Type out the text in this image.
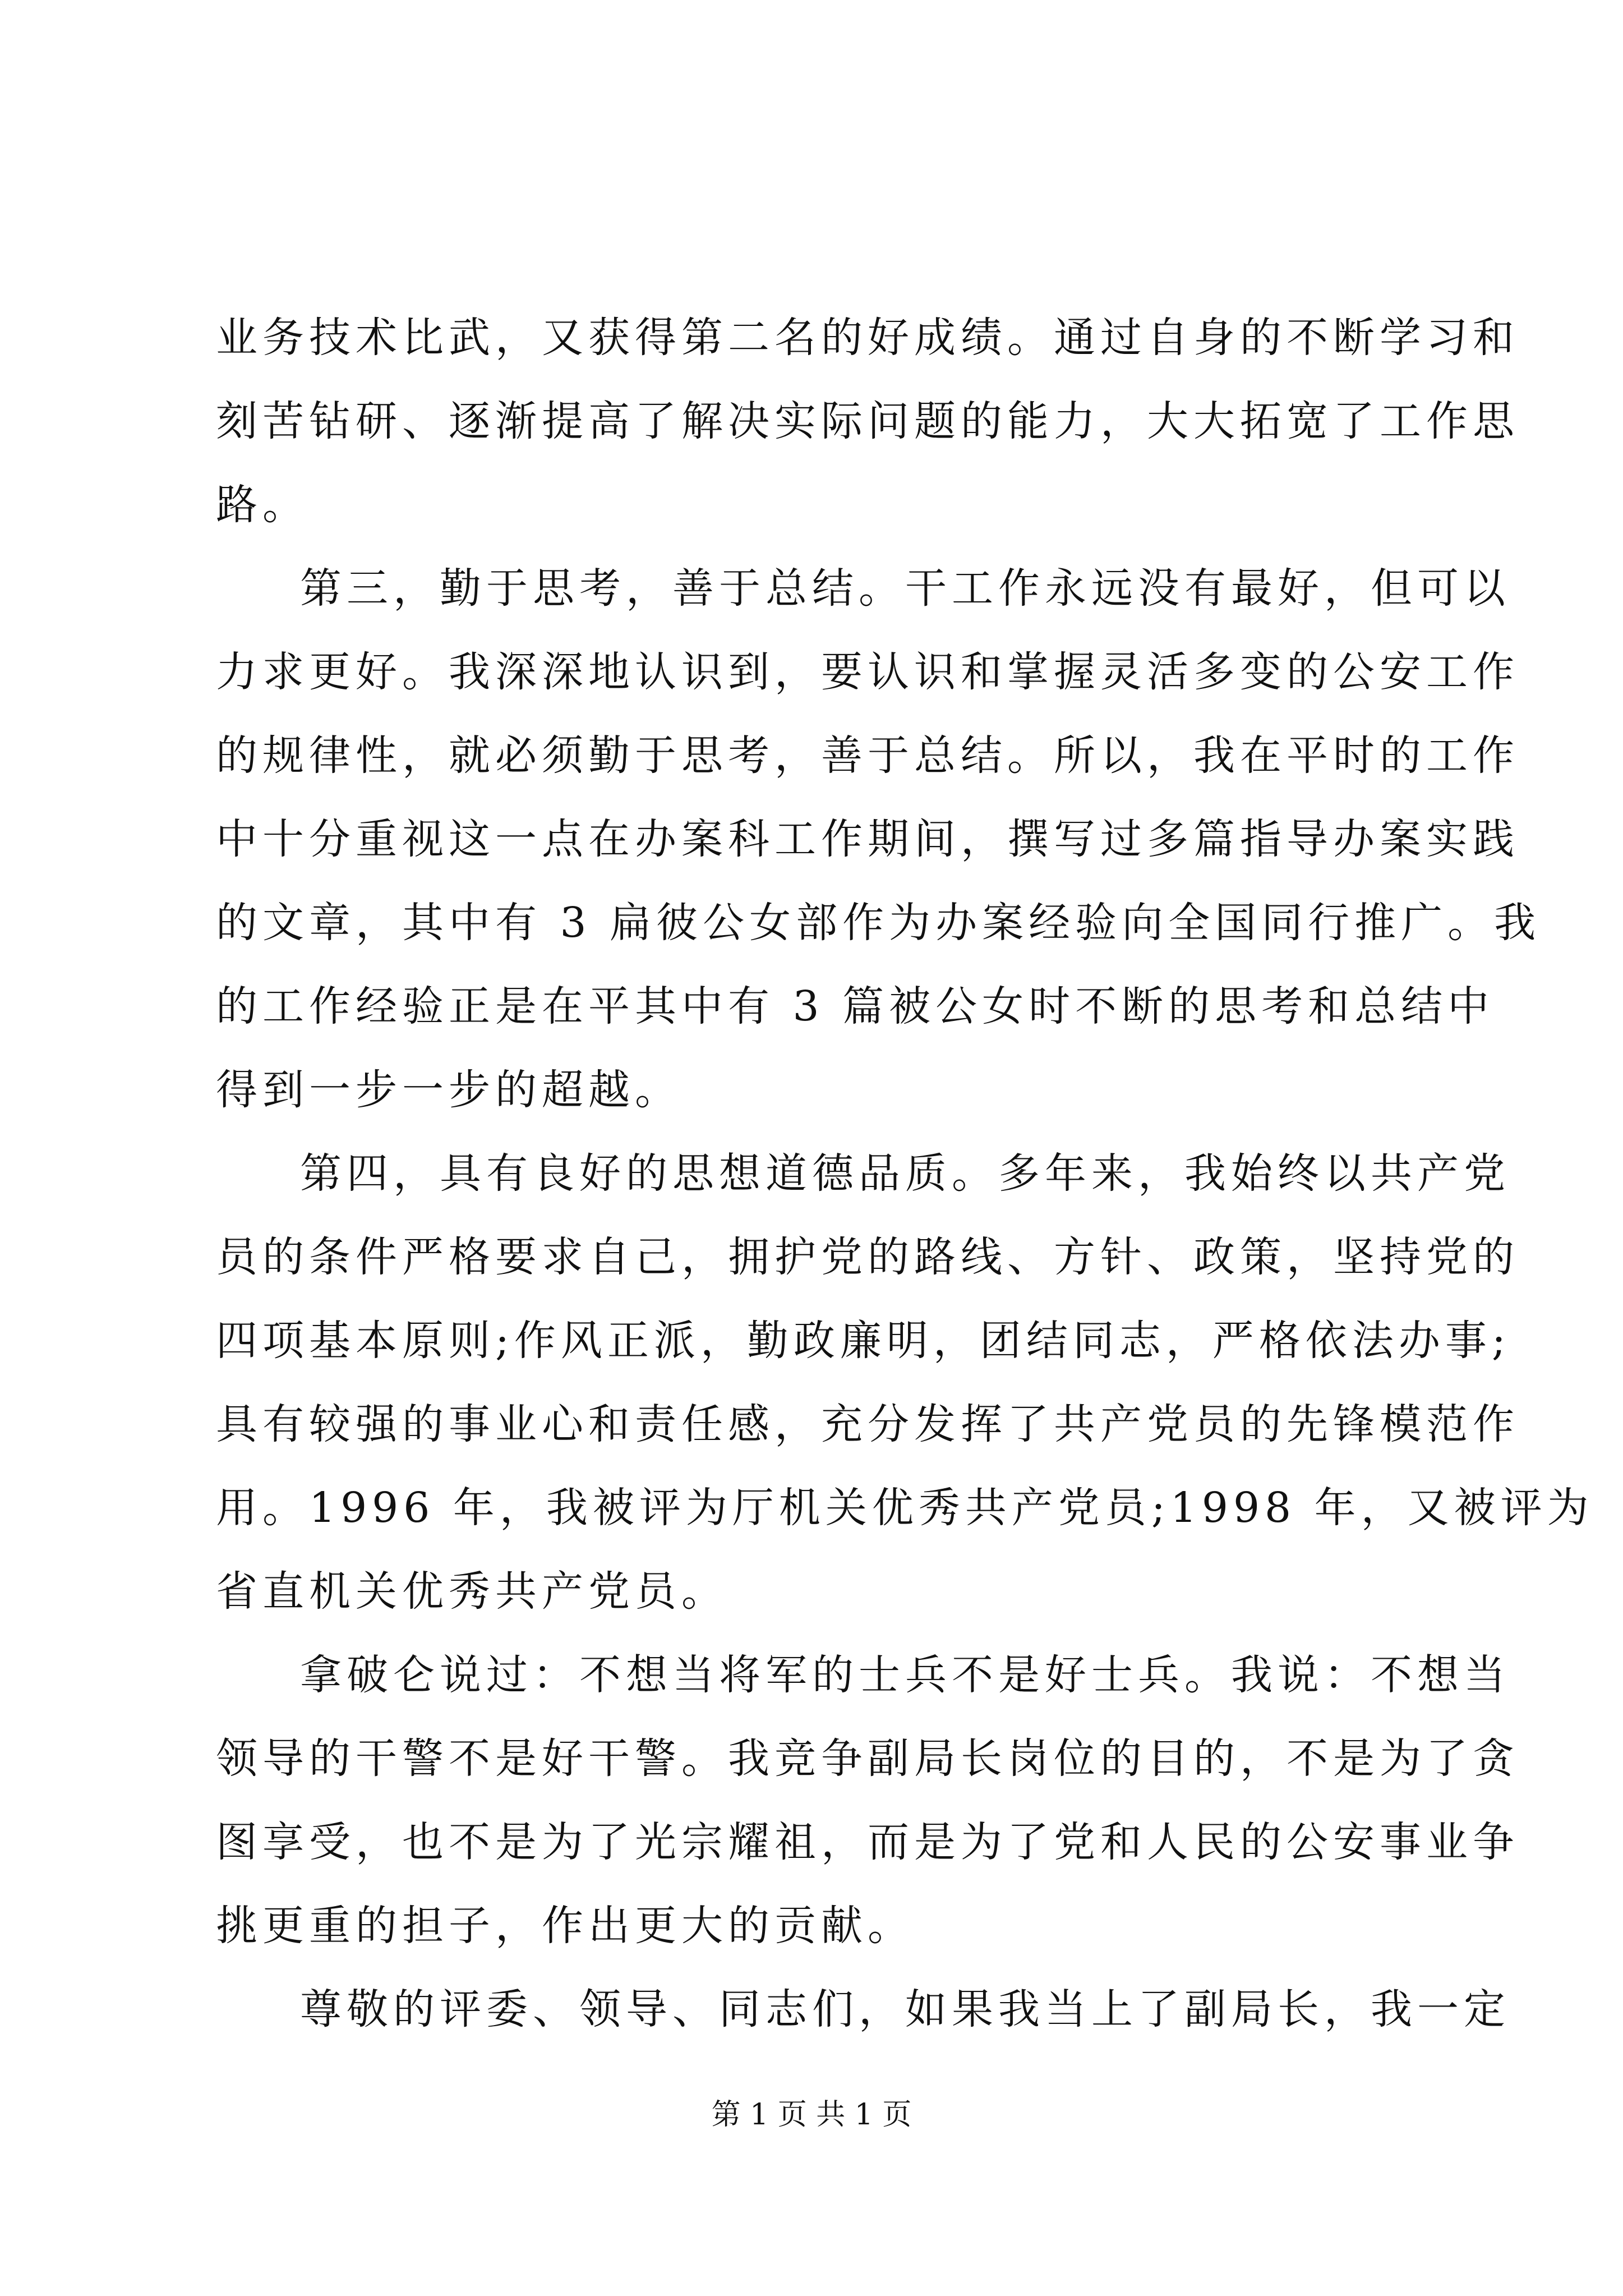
业务技术比武，又获得第二名的好成绩。通过自身的不断学习和
刻苦钻研、逐渐提高了解决实际问题的能力，大大拓宽了工作思
路。
第三，勤于思考，善于总结。干工作永远没有最好，但可以
力求更好。我深深地认识到，要认识和掌握灵活多变的公安工作
的规律性，就必须勤于思考，善于总结。所以，我在平时的工作
中十分重视这一点在办案科工作期间，撰写过多篇指导办案实践
的文章，其中有 3 扁彼公女部作为办案经验向全国同行推广。我
的工作经验正是在平其中有 3 篇被公女时不断的思考和总结中
得到一步一步的超越。
第四，具有良好的思想道德品质。多年来，我始终以共产党
员的条件严格要求自己，拥护党的路线、方针、政策，坚持党的
四项基本原则;作风正派，勤政廉明，团结同志，严格依法办事;
具有较强的事业心和责任感，充分发挥了共产党员的先锋模范作
用。1996 年，我被评为厅机关优秀共产党员;1998 年，又被评为
省直机关优秀共产党员。
拿破仑说过：不想当将军的士兵不是好士兵。我说：不想当
领导的干警不是好干警。我竞争副局长岗位的目的，不是为了贪
图享受，也不是为了光宗耀祖，而是为了党和人民的公安事业争
挑更重的担子，作出更大的贡献。
尊敬的评委、领导、同志们，如果我当上了副局长，我一定
第 1 页 共 1 页
